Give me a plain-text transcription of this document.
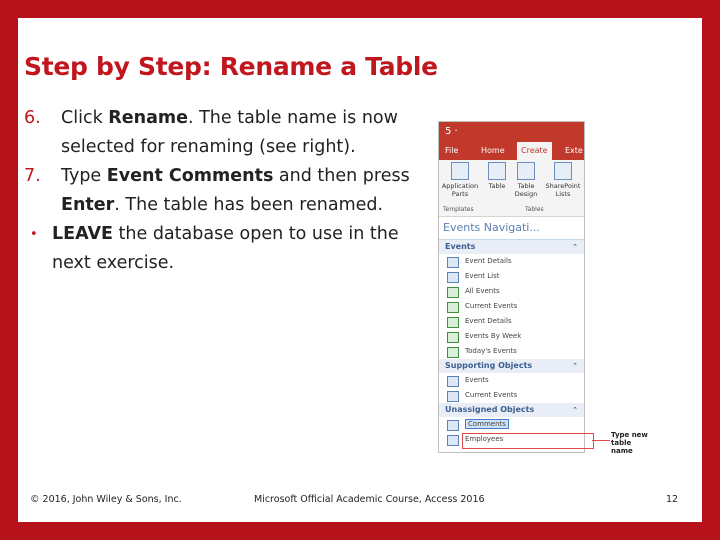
Step by Step: Rename a Table
6. Click Rename. The table name is now selected for renaming (see right).
7. Type Event Comments and then press Enter. The table has been renamed.
• LEAVE the database open to use in the next exercise.
5 ·
File	Home	Create	Exte
Application Parts
Table	Table Design
SharePoint Lists
Templates	Tables
Events Navigati...
Events	⌃
Event Details
Event List
All Events
Current Events
Event Details
Events By Week
Today's Events
Supporting Objects	⌃
Events
Current Events
Unassigned Objects	⌃
Comments
Employees	Type new table name
© 2016, John Wiley & Sons, Inc.	Microsoft Official Academic Course, Access 2016	12
